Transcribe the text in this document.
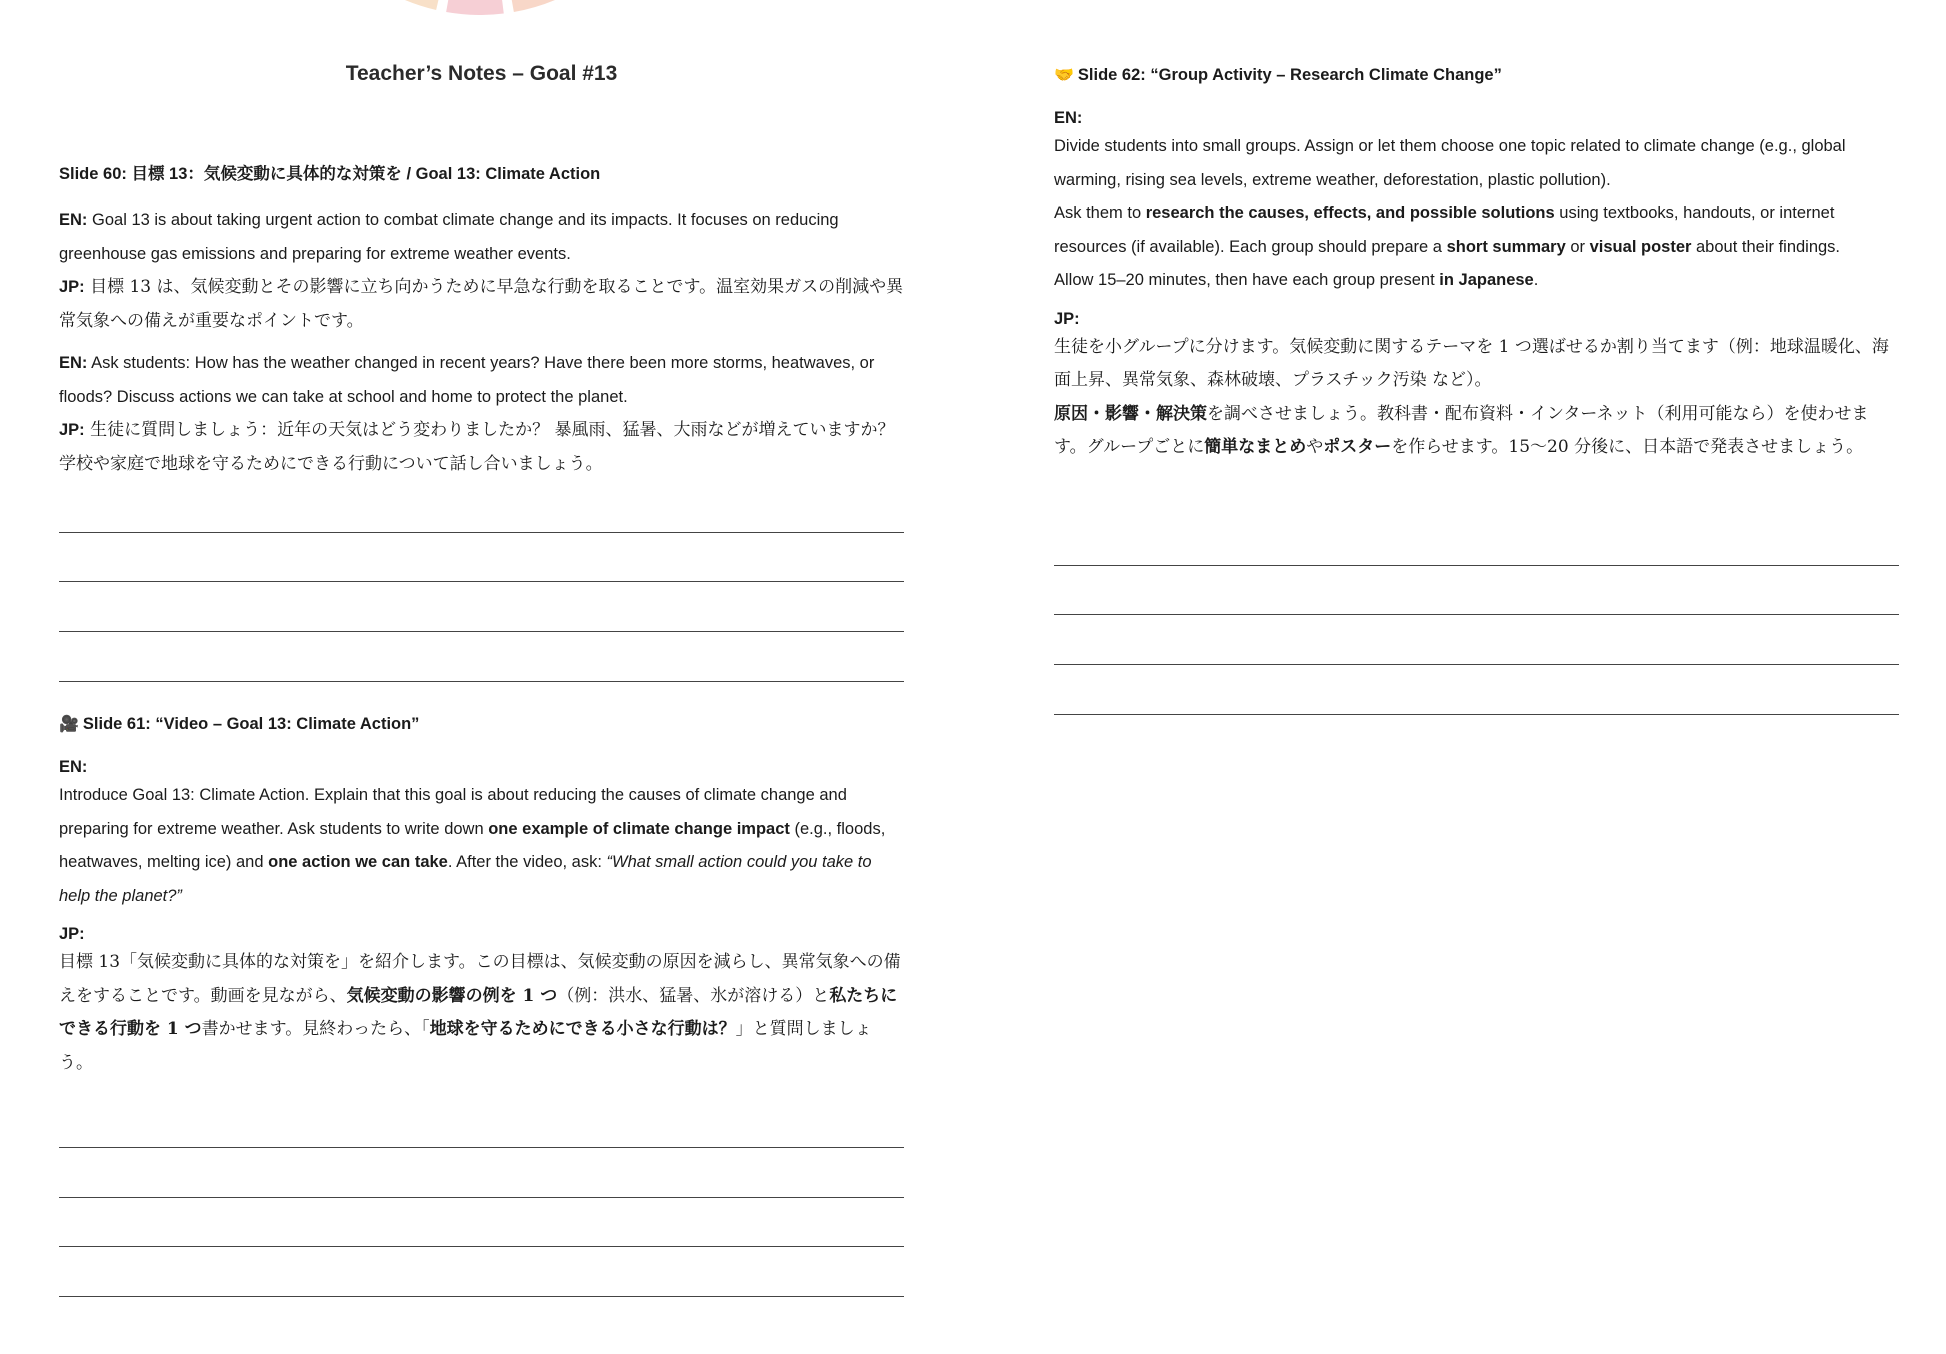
Teacher’s Notes – Goal #13

Slide 60: 目標 13：気候変動に具体的な対策を / Goal 13: Climate Action

EN: Goal 13 is about taking urgent action to combat climate change and its impacts. It focuses on reducing greenhouse gas emissions and preparing for extreme weather events.

JP: 目標 13 は、気候変動とその影響に立ち向かうために早急な行動を取ることです。温室効果ガスの削減や異常気象への備えが重要なポイントです。

EN: Ask students: How has the weather changed in recent years? Have there been more storms, heatwaves, or floods? Discuss actions we can take at school and home to protect the planet.

JP: 生徒に質問しましょう：近年の天気はどう変わりましたか？ 暴風雨、猛暑、大雨などが増えていますか？ 学校や家庭で地球を守るためにできる行動について話し合いましょう。

🎥 Slide 61: “Video – Goal 13: Climate Action”

EN:

Introduce Goal 13: Climate Action. Explain that this goal is about reducing the causes of climate change and preparing for extreme weather. Ask students to write down one example of climate change impact (e.g., floods, heatwaves, melting ice) and one action we can take. After the video, ask: “What small action could you take to help the planet?”

JP:

目標 13「気候変動に具体的な対策を」を紹介します。この目標は、気候変動の原因を減らし、異常気象への備えをすることです。動画を見ながら、気候変動の影響の例を 1 つ（例：洪水、猛暑、氷が溶ける）と私たちにできる行動を 1 つ書かせます。見終わったら、「地球を守るためにできる小さな行動は？」と質問しましょう。

🤝 Slide 62: “Group Activity – Research Climate Change”

EN:

Divide students into small groups. Assign or let them choose one topic related to climate change (e.g., global warming, rising sea levels, extreme weather, deforestation, plastic pollution).

Ask them to research the causes, effects, and possible solutions using textbooks, handouts, or internet resources (if available). Each group should prepare a short summary or visual poster about their findings.

Allow 15–20 minutes, then have each group present in Japanese.

JP:

生徒を小グループに分けます。気候変動に関するテーマを 1 つ選ばせるか割り当てます（例：地球温暖化、海面上昇、異常気象、森林破壊、プラスチック汚染 など）。

原因・影響・解決策を調べさせましょう。教科書・配布資料・インターネット（利用可能なら）を使わせます。グループごとに簡単なまとめやポスターを作らせます。15〜20 分後に、日本語で発表させましょう。
